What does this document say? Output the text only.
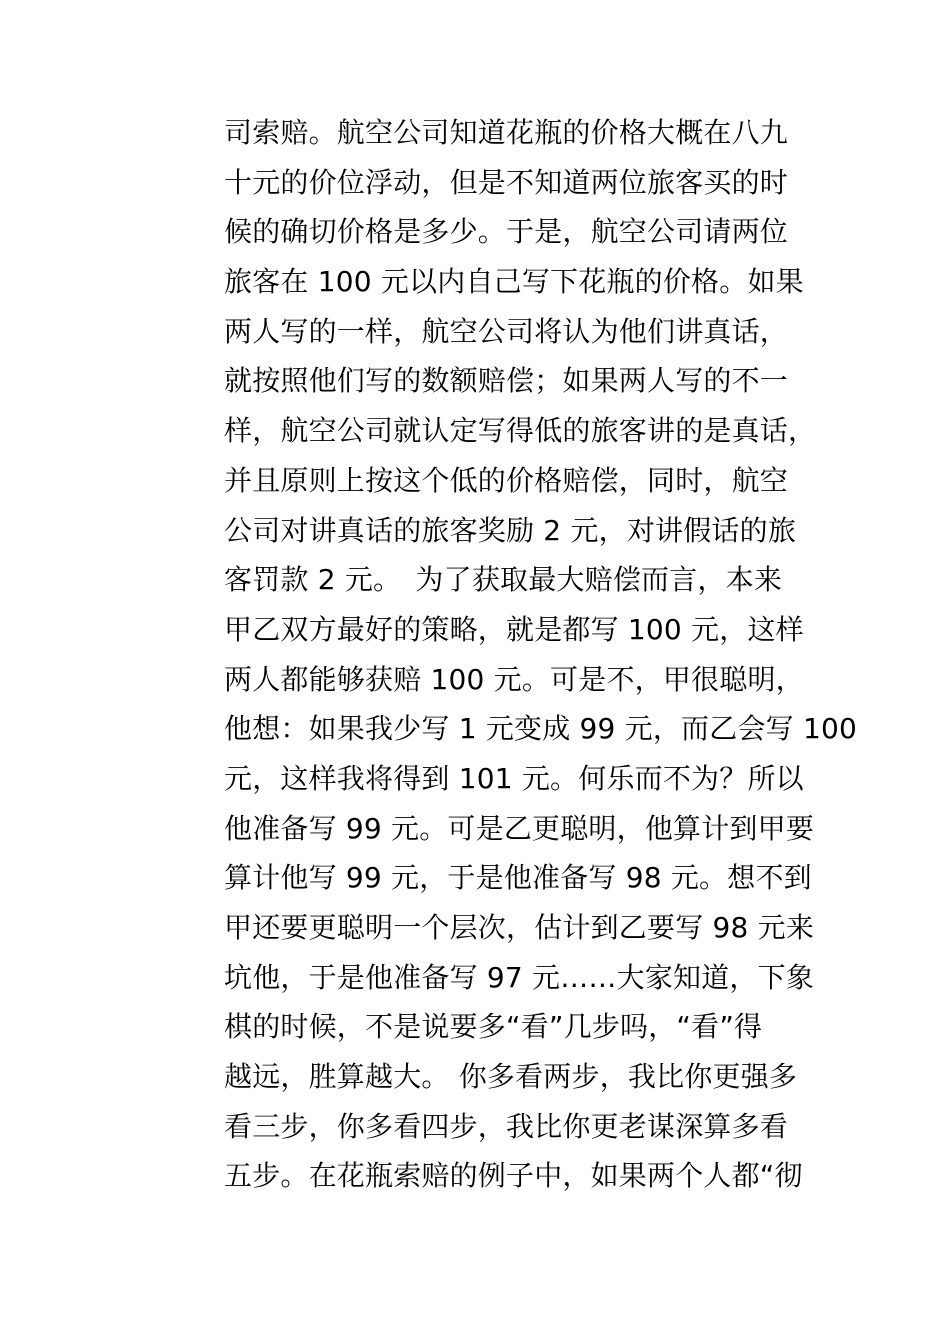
司索赔。航空公司知道花瓶的价格大概在八九
十元的价位浮动，但是不知道两位旅客买的时
候的确切价格是多少。于是，航空公司请两位
旅客在 100 元以内自己写下花瓶的价格。如果
两人写的一样，航空公司将认为他们讲真话，
就按照他们写的数额赔偿；如果两人写的不一
样，航空公司就认定写得低的旅客讲的是真话，
并且原则上按这个低的价格赔偿，同时，航空
公司对讲真话的旅客奖励 2 元，对讲假话的旅
客罚款 2 元。　为了获取最大赔偿而言，本来
甲乙双方最好的策略，就是都写 100 元，这样
两人都能够获赔 100 元。可是不，甲很聪明，
他想：如果我少写 1 元变成 99 元，而乙会写 100
元，这样我将得到 101 元。何乐而不为？所以
他准备写 99 元。可是乙更聪明，他算计到甲要
算计他写 99 元，于是他准备写 98 元。想不到
甲还要更聪明一个层次，估计到乙要写 98 元来
坑他，于是他准备写 97 元……大家知道，下象
棋的时候，不是说要多“看”几步吗，“看”得
越远，胜算越大。 你多看两步，我比你更强多
看三步，你多看四步，我比你更老谋深算多看
五步。在花瓶索赔的例子中，如果两个人都“彻
